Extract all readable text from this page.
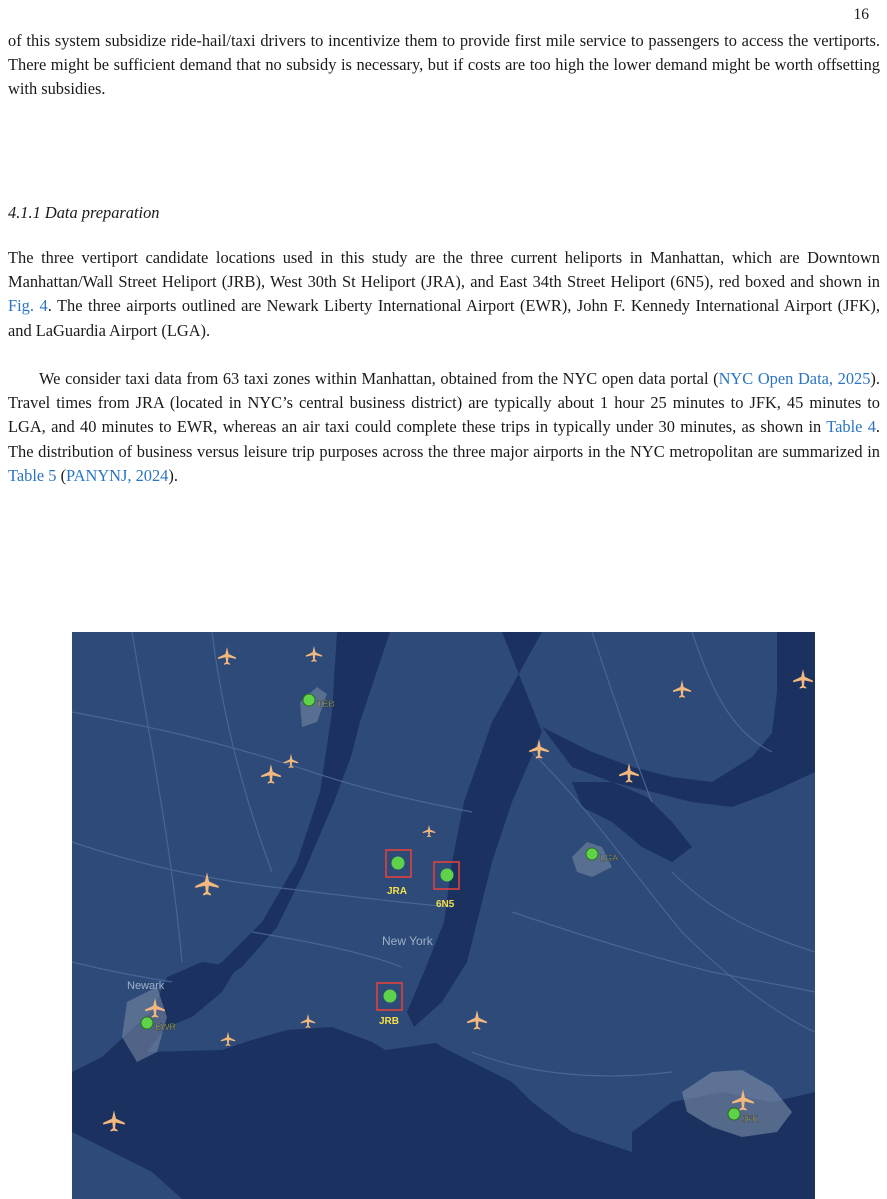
16

of this system subsidize ride-hail/taxi drivers to incentivize them to provide first mile service to passengers to access the vertiports. There might be sufficient demand that no subsidy is necessary, but if costs are too high the lower demand might be worth offsetting with subsidies.

4.1.1 Data preparation

The three vertiport candidate locations used in this study are the three current heliports in Manhattan, which are Downtown Manhattan/Wall Street Heliport (JRB), West 30th St Heliport (JRA), and East 34th Street Heliport (6N5), red boxed and shown in Fig. 4. The three airports outlined are Newark Liberty International Airport (EWR), John F. Kennedy International Airport (JFK), and LaGuardia Airport (LGA).

We consider taxi data from 63 taxi zones within Manhattan, obtained from the NYC open data portal (NYC Open Data, 2025). Travel times from JRA (located in NYC’s central business district) are typically about 1 hour 25 minutes to JFK, 45 minutes to LGA, and 40 minutes to EWR, whereas an air taxi could complete these trips in typically under 30 minutes, as shown in Table 4. The distribution of business versus leisure trip purposes across the three major airports in the NYC metropolitan are summarized in Table 5 (PANYNJ, 2024).

New York
Newark
TEB
LGA
EWR
JFK
JRA
6N5
JRB
